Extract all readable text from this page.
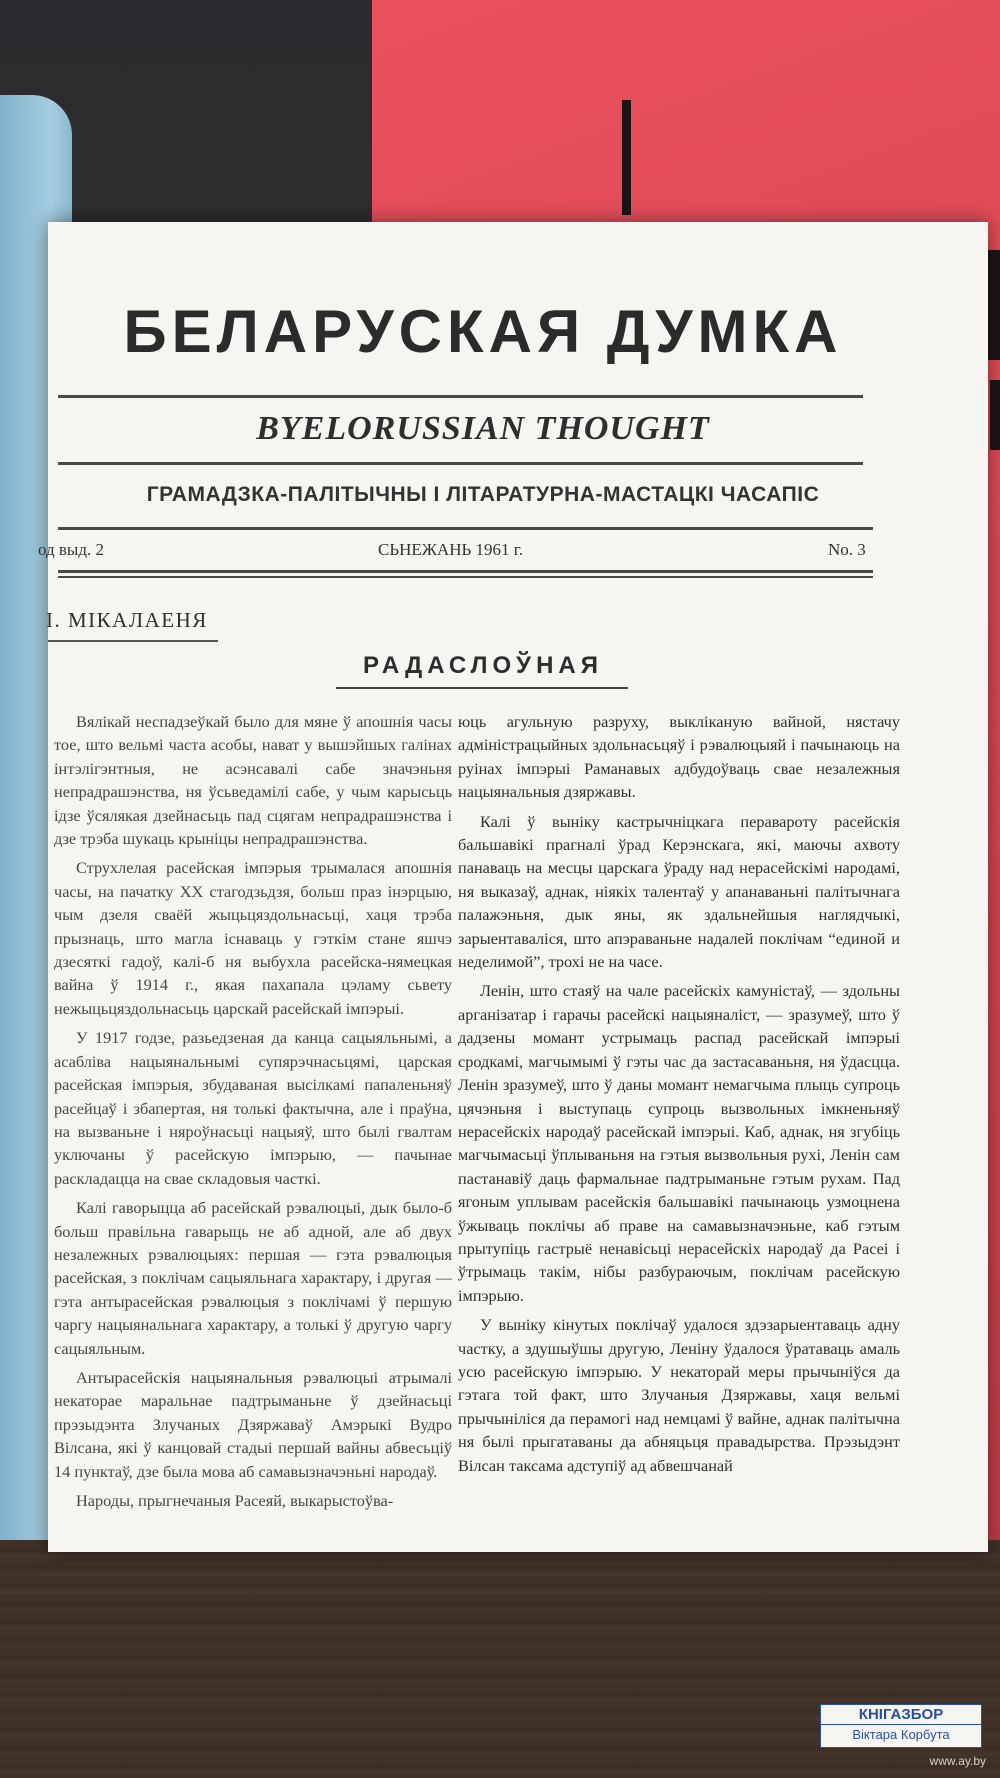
БЕЛАРУСКАЯ ДУМКА
BYELORUSSIAN THOUGHT
ГРАМАДЗКА-ПАЛІТЫЧНЫ І ЛІТАРАТУРНА-МАСТАЦКІ ЧАСАПІС
од выд. 2	СЬНЕЖАНЬ 1961 г.	No. 3
І. МІКАЛАЕНЯ
РАДАСЛОЎНАЯ

Вялікай неспадзеўкай было для мяне ў апошнія часы тое, што вельмі часта асобы, нават у вышэйшых галінах інтэлігэнтныя, не асэнсавалі сабе значэньня непрадрашэнства, ня ўсьведамілі сабе, у чым карысьць ідзе ўсялякая дзейнасьць пад сцягам непрадрашэнства і дзе трэба шукаць крыніцы непрадрашэнства.

Струхлелая расейская імпэрыя трымалася апошнія часы, на пачатку XX стагодзьдзя, больш праз інэрцыю, чым дзеля сваёй жыцьцяздольнасьці, хаця трэба прызнаць, што магла існаваць у гэткім стане яшчэ дзесяткі гадоў, калі-б ня выбухла расейска-нямецкая вайна ў 1914 г., якая пахапала цэламу сьвету нежыцьцяздольнасьць царскай расейскай імпэрыі.

У 1917 годзе, разьедзеная да канца сацыяльнымі, а асабліва нацыянальнымі супярэчнасьцямі, царская расейская імпэрыя, збудаваная высілкамі папаленьняў расейцаў і збапертая, ня толькі фактычна, але і праўна, на вызваньне і няроўнасьці нацыяў, што былі гвалтам уключаны ў расейскую імпэрыю, — пачынае раскладацца на свае складовыя часткі.

Калі гаворыцца аб расейскай рэвалюцыі, дык было-б больш правільна гаварыць не аб адной, але аб двух незалежных рэвалюцыях: першая — гэта рэвалюцыя расейская, з поклічам сацыяльнага характару, і другая — гэта антырасейская рэвалюцыя з поклічамі ў першую чаргу нацыянальнага характару, а толькі ў другую чаргу сацыяльным.

Антырасейскія нацыянальныя рэвалюцыі атрымалі некаторае маральнае падтрыманьне ў дзейнасьці прэзыдэнта Злучаных Дзяржаваў Амэрыкі Вудро Вілсана, які ў канцовай стадыі першай вайны абвесьціў 14 пунктаў, дзе была мова аб самавызначэньні народаў.

Народы, прыгнечаныя Расеяй, выкарыстоўва-

юць агульную разруху, выкліканую вайной, нястачу адміністрацыйных здольнасьцяў і рэвалюцыяй і пачынаюць на руінах імпэрыі Раманавых адбудоўваць свае незалежныя нацыянальныя дзяржавы.

Калі ў выніку кастрычніцкага перавароту расейскія бальшавікі прагналі ўрад Керэнскага, які, маючы ахвоту панаваць на месцы царскага ўраду над нерасейскімі народамі, ня выказаў, аднак, ніякіх талентаў у апанаваньні палітычнага палажэньня, дык яны, як здальнейшыя наглядчыкі, зарыентаваліся, што апэраваньне надалей поклічам “единой и неделимой”, трохі не на часе.

Ленін, што стаяў на чале расейскіх камуністаў, — здольны арганізатар і гарачы расейскі нацыяналіст, — зразумеў, што ў дадзены момант устрымаць распад расейскай імпэрыі сродкамі, магчымымі ў гэты час да застасаваньня, ня ўдасцца. Ленін зразумеў, што ў даны момант немагчыма плыць супроць цячэньня і выступаць супроць вызвольных імкненьняў нерасейскіх народаў расейскай імпэрыі. Каб, аднак, ня згубіць магчымасьці ўплываньня на гэтыя вызвольныя рухі, Ленін сам пастанавіў даць фармальнае падтрыманьне гэтым рухам. Пад ягоным уплывам расейскія бальшавікі пачынаюць узмоцнена ўжываць поклічы аб праве на самавызначэньне, каб гэтым прытупіць гастрыё ненавісьці нерасейскіх народаў да Расеі і ўтрымаць такім, нібы разбураючым, поклічам расейскую імпэрыю.

У выніку кінутых поклічаў удалося здэзарыентаваць адну частку, а здушыўшы другую, Леніну ўдалося ўратаваць амаль усю расейскую імпэрыю. У некаторай меры прычыніўся да гэтага той факт, што Злучаныя Дзяржавы, хаця вельмі прычыніліся да перамогі над немцамі ў вайне, аднак палітычна ня былі прыгатаваны да абняцьця правадырства. Прэзыдэнт Вілсан таксама адступіў ад абвешчанай

КНІГАЗБОР
Віктара Корбута
www.ay.by
